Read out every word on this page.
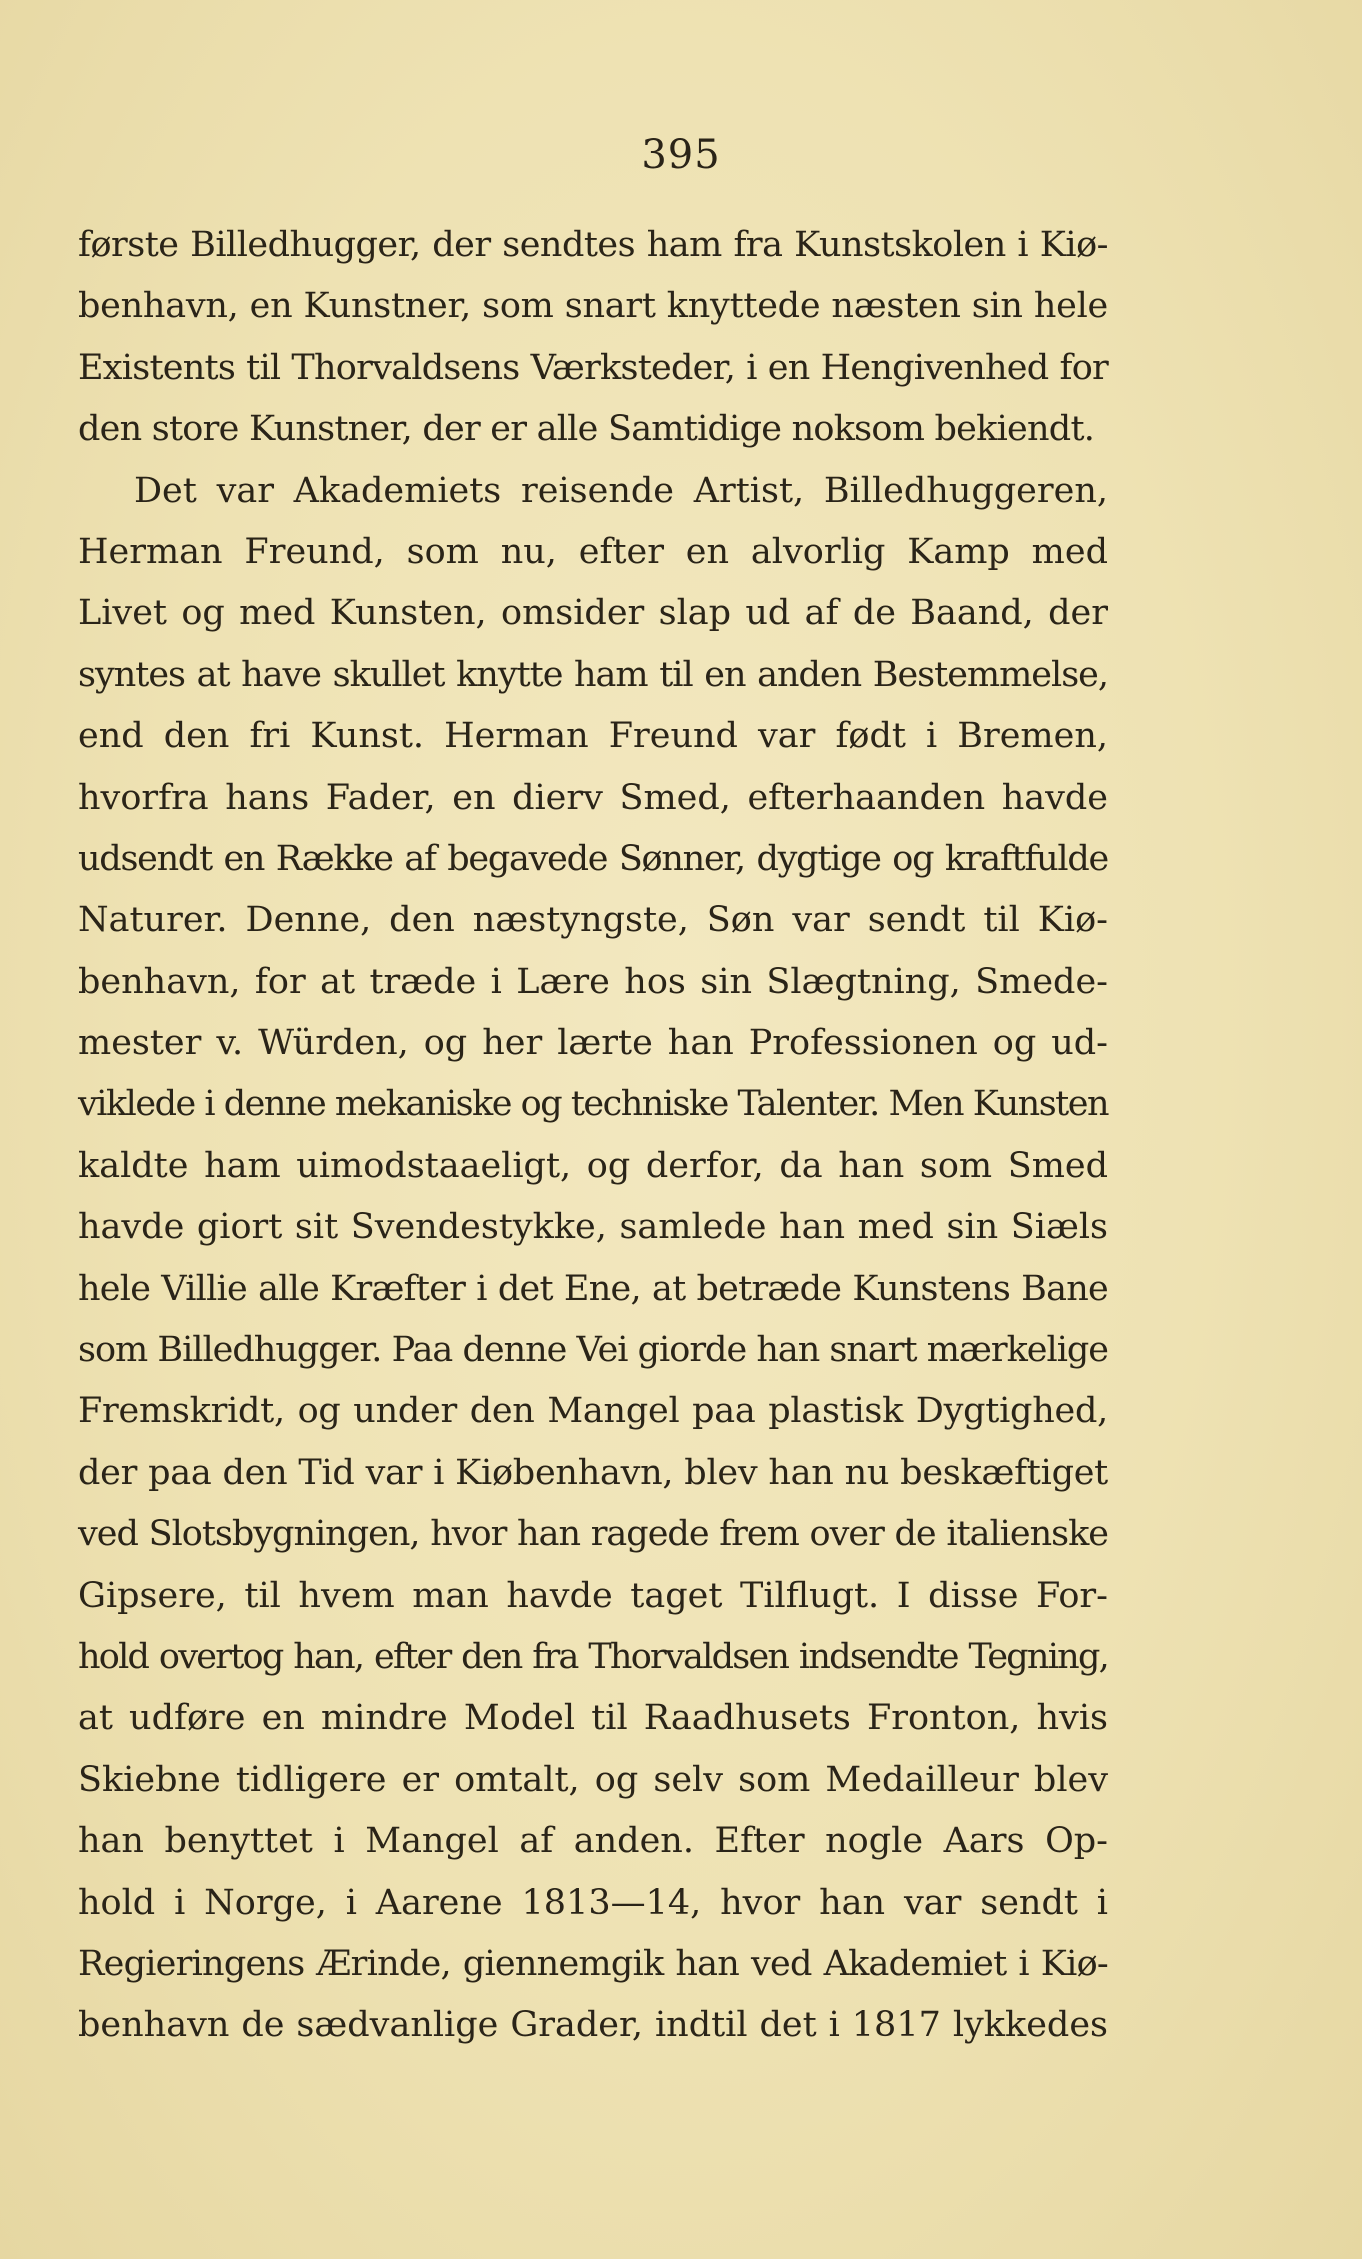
395
første Billedhugger, der sendtes ham fra Kunstskolen i Kiø-
benhavn, en Kunstner, som snart knyttede næsten sin hele
Existents til Thorvaldsens Værksteder, i en Hengivenhed for
den store Kunstner, der er alle Samtidige noksom bekiendt.
Det var Akademiets reisende Artist, Billedhuggeren,
Herman Freund, som nu, efter en alvorlig Kamp med
Livet og med Kunsten, omsider slap ud af de Baand, der
syntes at have skullet knytte ham til en anden Bestemmelse,
end den fri Kunst. Herman Freund var født i Bremen,
hvorfra hans Fader, en dierv Smed, efterhaanden havde
udsendt en Række af begavede Sønner, dygtige og kraftfulde
Naturer. Denne, den næstyngste, Søn var sendt til Kiø-
benhavn, for at træde i Lære hos sin Slægtning, Smede-
mester v. Würden, og her lærte han Professionen og ud-
viklede i denne mekaniske og techniske Talenter. Men Kunsten
kaldte ham uimodstaaeligt, og derfor, da han som Smed
havde giort sit Svendestykke, samlede han med sin Siæls
hele Villie alle Kræfter i det Ene, at betræde Kunstens Bane
som Billedhugger. Paa denne Vei giorde han snart mærkelige
Fremskridt, og under den Mangel paa plastisk Dygtighed,
der paa den Tid var i Kiøbenhavn, blev han nu beskæftiget
ved Slotsbygningen, hvor han ragede frem over de italienske
Gipsere, til hvem man havde taget Tilflugt. I disse For-
hold overtog han, efter den fra Thorvaldsen indsendte Tegning,
at udføre en mindre Model til Raadhusets Fronton, hvis
Skiebne tidligere er omtalt, og selv som Medailleur blev
han benyttet i Mangel af anden. Efter nogle Aars Op-
hold i Norge, i Aarene 1813—14, hvor han var sendt i
Regieringens Ærinde, giennemgik han ved Akademiet i Kiø-
benhavn de sædvanlige Grader, indtil det i 1817 lykkedes
